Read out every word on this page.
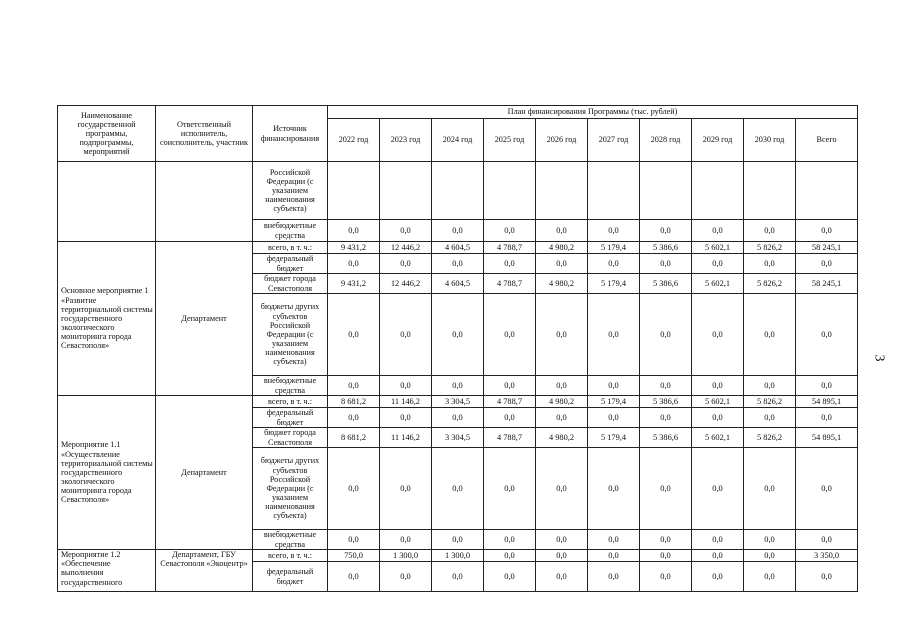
3
Наименование государственной программы, подпрограммы, мероприятий	Ответственный исполнитель, соисполнитель, участник	Источник финансирования	План финансирования Программы (тыс. рублей)									
			2022 год	2023 год	2024 год	2025 год	2026 год	2027 год	2028 год	2029 год	2030 год	Всего
		Российской Федерации (с указанием наименования субъекта)										
		внебюджетные средства	0,0	0,0	0,0	0,0	0,0	0,0	0,0	0,0	0,0	0,0
Основное мероприятие 1 «Развитие территориальной системы государственного экологического мониторинга города Севастополя»	Департамент	всего, в т. ч.:	9 431,2	12 446,2	4 604,5	4 788,7	4 980,2	5 179,4	5 386,6	5 602,1	5 826,2	58 245,1
		федеральный бюджет	0,0	0,0	0,0	0,0	0,0	0,0	0,0	0,0	0,0	0,0
		бюджет города Севастополя	9 431,2	12 446,2	4 604,5	4 788,7	4 980,2	5 179,4	5 386,6	5 602,1	5 826,2	58 245,1
		бюджеты других субъектов Российской Федерации (с указанием наименования субъекта)	0,0	0,0	0,0	0,0	0,0	0,0	0,0	0,0	0,0	0,0
		внебюджетные средства	0,0	0,0	0,0	0,0	0,0	0,0	0,0	0,0	0,0	0,0
Мероприятие 1.1 «Осуществление территориальной системы государственного экологического мониторинга города Севастополя»	Департамент	всего, в т. ч.:	8 681,2	11 146,2	3 304,5	4 788,7	4 980,2	5 179,4	5 386,6	5 602,1	5 826,2	54 895,1
		федеральный бюджет	0,0	0,0	0,0	0,0	0,0	0,0	0,0	0,0	0,0	0,0
		бюджет города Севастополя	8 681,2	11 146,2	3 304,5	4 788,7	4 980,2	5 179,4	5 386,6	5 602,1	5 826,2	54 895,1
		бюджеты других субъектов Российской Федерации (с указанием наименования субъекта)	0,0	0,0	0,0	0,0	0,0	0,0	0,0	0,0	0,0	0,0
		внебюджетные средства	0,0	0,0	0,0	0,0	0,0	0,0	0,0	0,0	0,0	0,0
Мероприятие 1.2 «Обеспечение выполнения государственного	Департамент, ГБУ Севастополя «Экоцентр»	всего, в т. ч.:	750,0	1 300,0	1 300,0	0,0	0,0	0,0	0,0	0,0	0,0	3 350,0
		федеральный бюджет	0,0	0,0	0,0	0,0	0,0	0,0	0,0	0,0	0,0	0,0
